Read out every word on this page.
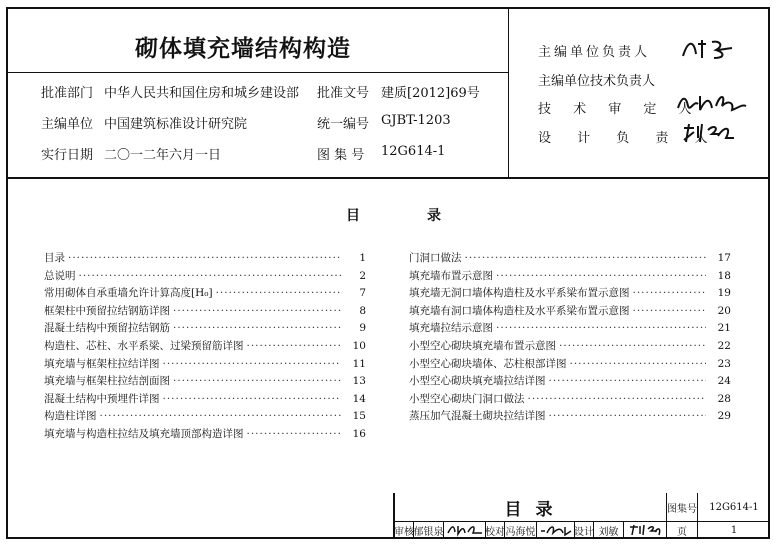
砌体填充墙结构构造
批准部门 中华人民共和国住房和城乡建设部 批准文号 建质[2012]69号
主编单位 中国建筑标准设计研究院	统一编号 GJBT-1203
实行日期 二〇一二年六月一日	图 集 号 12G614-1
主编单位负责人
主编单位技术负责人
技 术 审 定 人
设 计 负 责 人
目	录
目录 ·····	1
总说明 ·····	2
常用砌体自承重墙允许计算高度[H₀] ·····	7
框架柱中预留拉结钢筋详图 ·····	8
混凝土结构中预留拉结钢筋 ·····	9
构造柱、芯柱、水平系梁、过梁预留筋详图 ·····	10
填充墙与框架柱拉结详图 ·····	11
填充墙与框架柱拉结剖面图 ·····	13
混凝土结构中预埋件详图 ·····	14
构造柱详图 ·····	15
填充墙与构造柱拉结及填充墙顶部构造详图 ·····	16
门洞口做法 ·····	17
填充墙布置示意图 ·····	18
填充墙无洞口墙体构造柱及水平系梁布置示意图 ·····	19
填充墙有洞口墙体构造柱及水平系梁布置示意图 ·····	20
填充墙拉结示意图 ·····	21
小型空心砌块填充墙布置示意图 ·····	22
小型空心砌块墙体、芯柱根部详图 ·····	23
小型空心砌块填充墙拉结详图 ·····	24
小型空心砌块门洞口做法 ·····	28
蒸压加气混凝土砌块拉结详图 ·····	29
目 录	图集号	12G614-1
审核 郁银泉	校对 冯海悦	设计 刘敏	页	1
